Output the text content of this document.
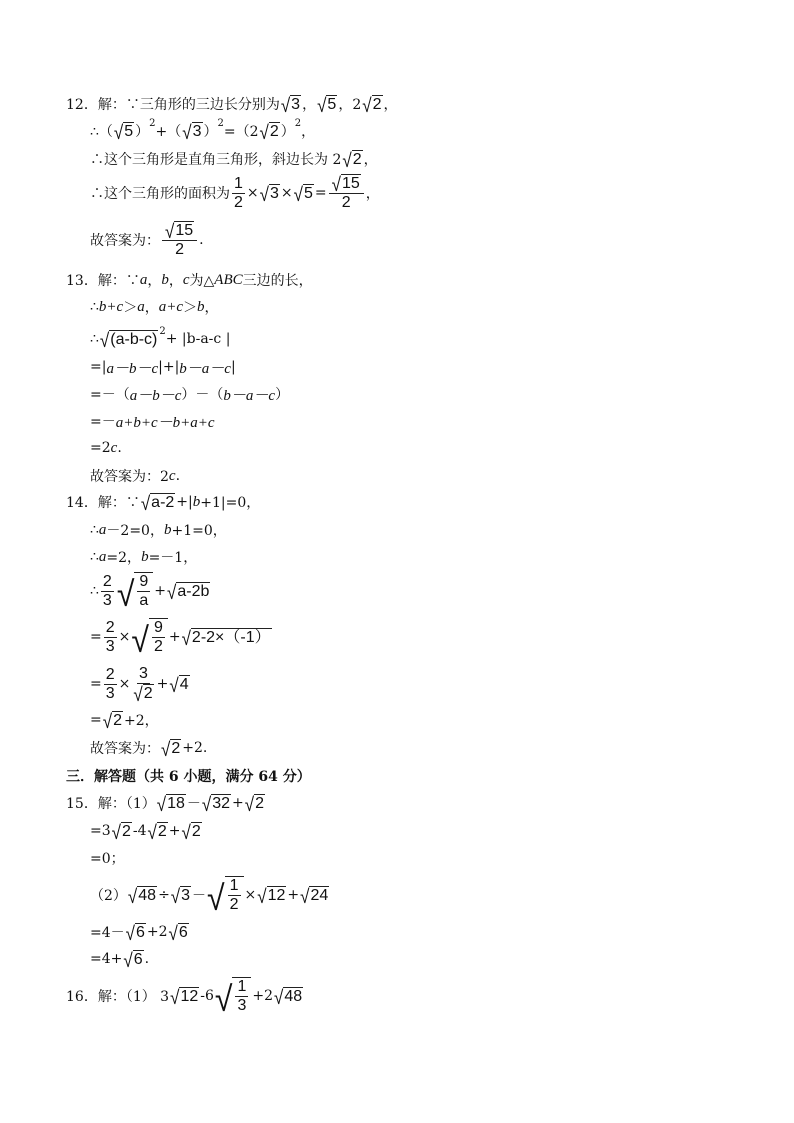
12．解：∵三角形的三边长分别为 √ 3 ， √ 5 ，2 √ 2 ，
∴（ √ 5 ）
2
+（ √ 3 ）
2
=（2 √ 2 ）
2
，
∴这个三角形是直角三角形，斜边长为 2 √ 2 ，
∴这个三角形的面积为 $\frac{1}{2}$ × √ 3 × √ $5 = \frac{√ 15}{2}$ ，
故答案为： $\frac{√ 15}{2}$ .
13．解：∵ a ， b ， c 为△ ABC 三边的长，
∴ b+c ＞ a ， a+c ＞ b ，
∴ √ (a-b-c) 2 + |b-a-c |
=| a－b－c |+| b－a－c |
=－（ a－b－c ）－（ b－a－c ）
=－ a+b+c－b+a+c
=2 c .
故答案为：2 c .
14．解：∵ √ a-2 +| b +1|=0，
∴ a －2=0， b +1=0，
∴ a =2， b =－1，
∴ $\frac{2}{3}$ √ $\frac{9}{a}$ + √ a-2b
= $\frac{2}{3}$ × √ $\frac{9}{2}$ + √ 2-2×（-1）
= $\frac{2}{3} \times \frac{3}{√ 2}$ + √ 4
= √ 2 +2，
故答案为： √ 2 +2.
三．解答题（共 6 小题，满分 64 分）
15．解：（1） √ 18 － √ 32 + √ 2
=3 √ 2 -4 √ 2 + √ 2
=0；
（2） √ 48 ÷ √ 3 － √ $\frac{1}{2}$ × √ 12 + √ 24
=4－ √ 6 +2 √ 6
=4+ √ 6 .
16．解：（1） 3 √ 12 -6 √ $\frac{1}{3} +2$ √ 48
